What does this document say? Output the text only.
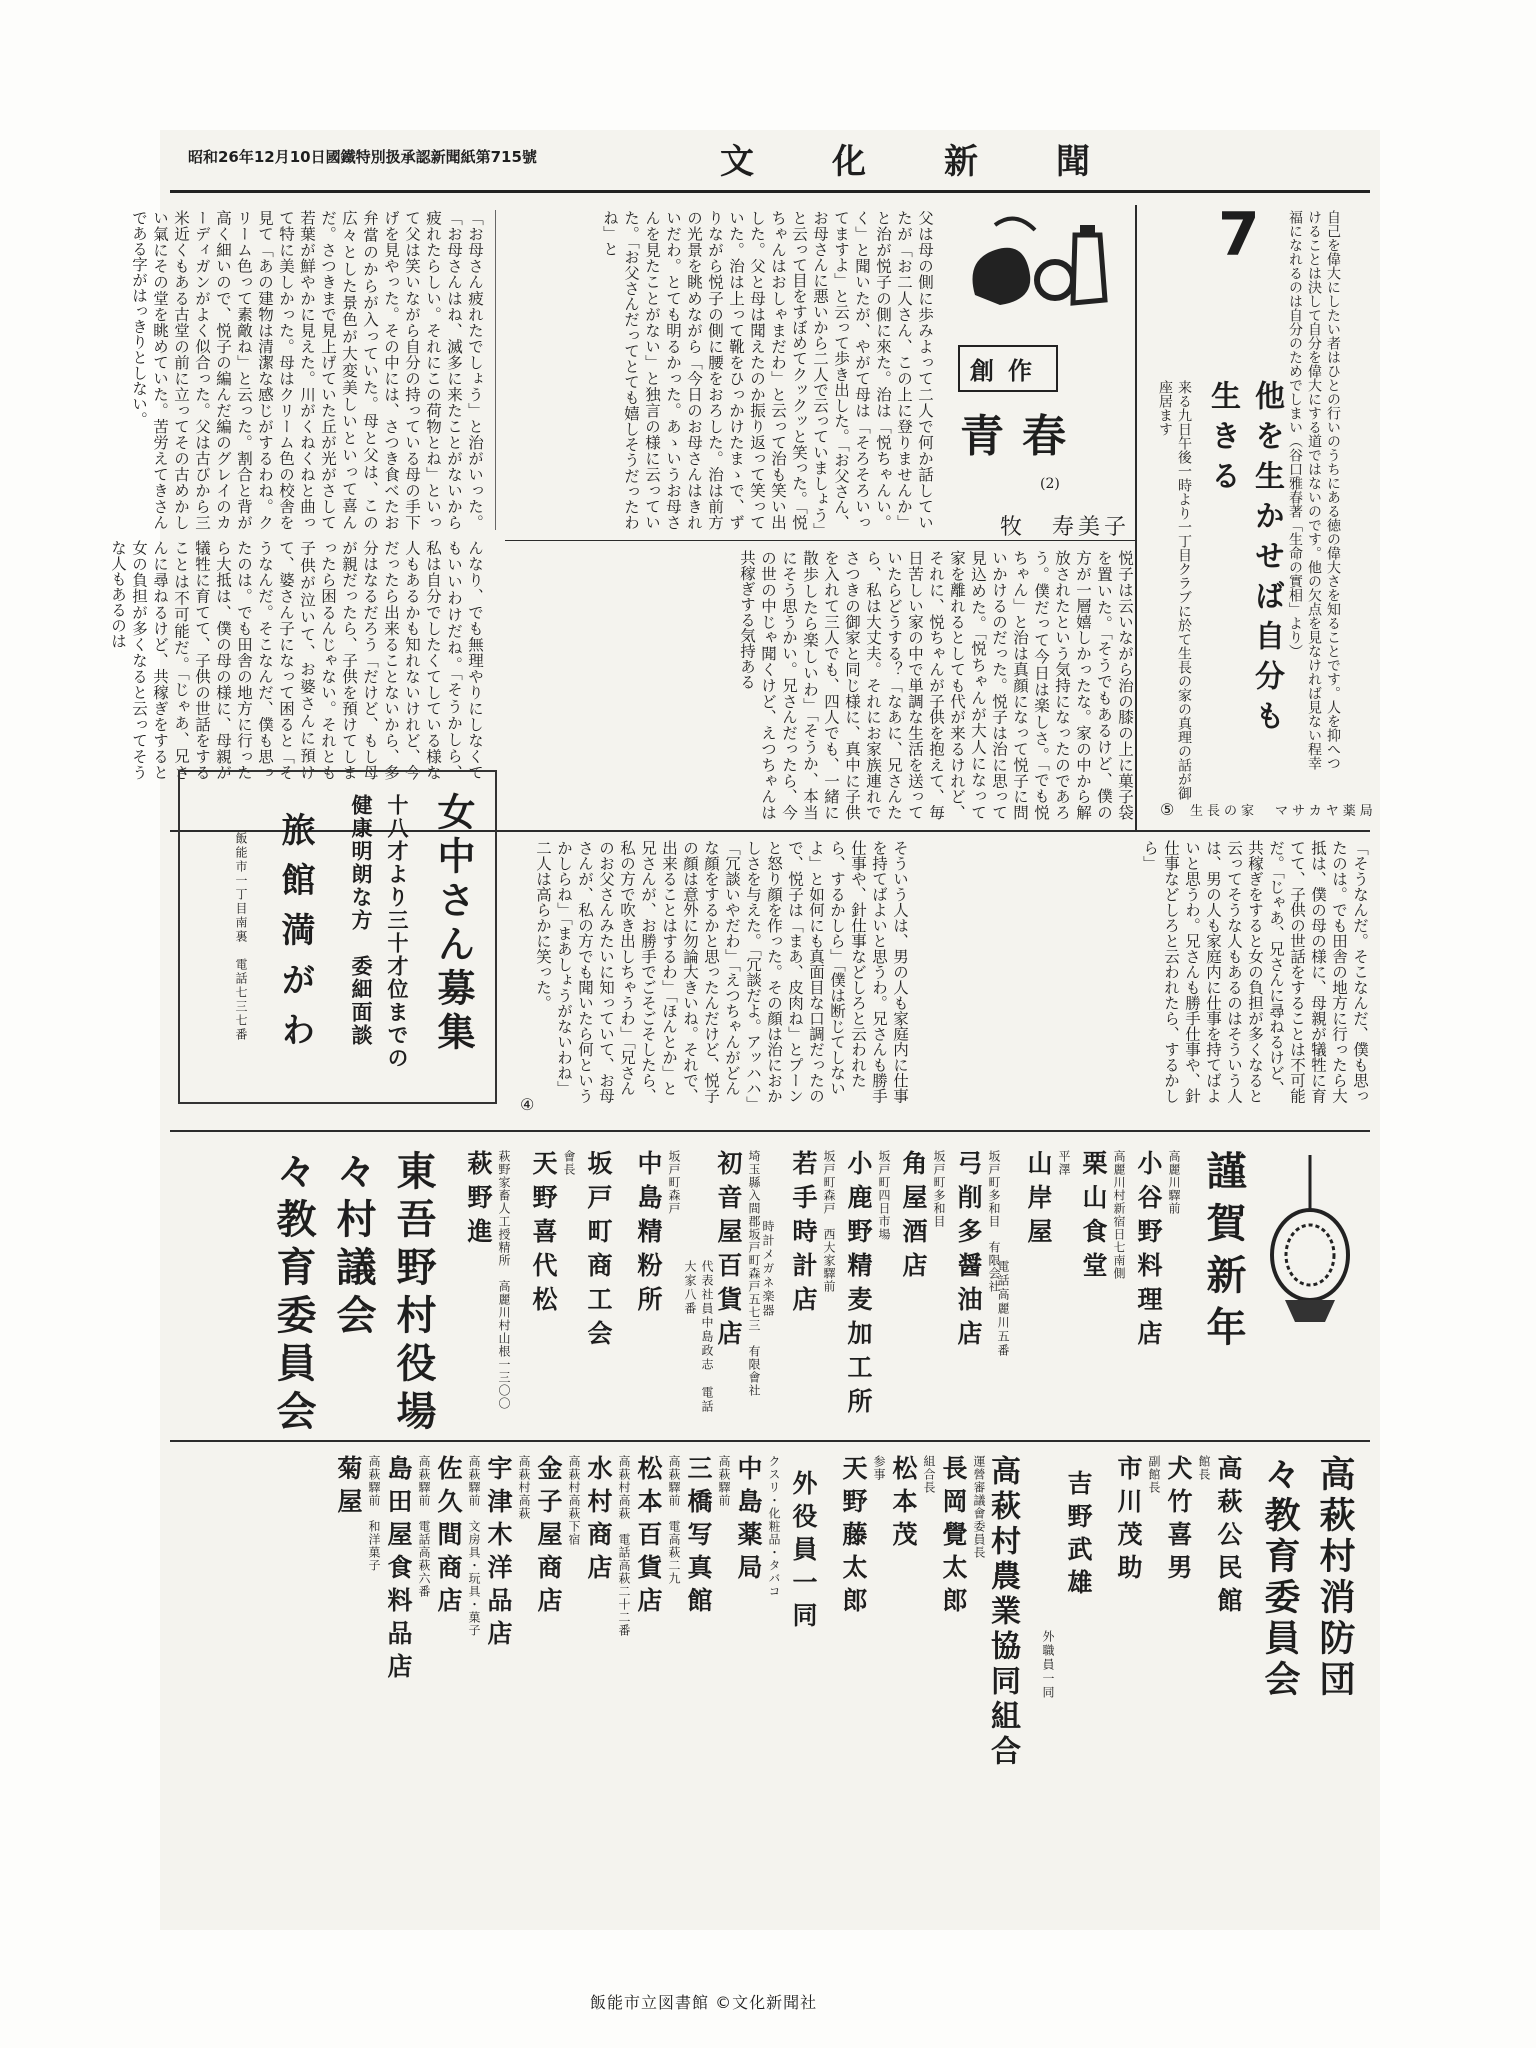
昭和26年12月10日國鐵特別扱承認新聞紙第715號	文化新聞
7	自己を偉大にしたい者はひとの行いのうちにある徳の偉大さを知ることです。人を抑へつけることは決して自分を偉大にする道ではないのです。他の欠点を見なければ見ない程幸福になれるのは自分のためでしまい（谷口雅春著「生命の實相」より）
他を生かせば自分も生きる
来る九日午後一時より一丁目クラブに於て生長の家の真理の話が御座居ます
⑤ 生長の家　マサカヤ薬局
創作
青春
(2)
牧　寿美子
「お母さん疲れたでしょう」と治がいった。「お母さんはね、滅多に来たことがないから疲れたらしい。それにこの荷物とね」といって父は笑いながら自分の持っている母の手下げを見やった。その中には、さつき食べたお弁當のからが入っていた。母と父は、この広々とした景色が大変美しいといって喜んだ。さつきまで見上げていた丘が光がさして若葉が鮮やかに見えた。川がくねくねと曲って特に美しかった。母はクリーム色の校舎を見て「あの建物は清潔な感じがするわね。クリーム色って素敵ね」と云った。割合と背が高く細いので、悦子の編んだ編のグレイのカーディガンがよく似合った。父は古びから三米近くもある古堂の前に立ってその古めかしい氣にその堂を眺めていた。苦労えてきさんである字がはっきりとしない。	父は母の側に歩みよって二人で何か話していたが「お二人さん、この上に登りませんか」と治が悦子の側に來た。治は「悦ちゃんい。く」と聞いたが、やがて母は「そろそろいってますよ」と云って歩き出した。「お父さん、お母さんに悪いから二人で云っていましょう」と云って目をすぼめてクックッと笑った。「悦ちゃんはおしゃまだわ」と云って治も笑い出した。父と母は聞えたのか振り返って笑っていた。治は上って靴をひっかけたまゝで、ずりながら悦子の側に腰をおろした。治は前方の光景を眺めながら「今日のお母さんはきれいだわ。とても明るかった。あゝいうお母さんを見たことがない」と独言の様に云っていた。「お父さんだってとても嬉しそうだったわね」と
悦子は云いながら治の膝の上に菓子袋を置いた。「そうでもあるけど、僕の方が一層嬉しかったな。家の中から解放されたという気持になったのであろう。僕だって今日は楽しさ。「でも悦ちゃん」と治は真顔になって悦子に問いかけるのだった。悦子は治に思って見込めた。「悦ちゃんが大人になって家を離れるとしても代が来るけれど、それに、悦ちゃんが子供を抱えて、毎日苦しい家の中で単調な生活を送っていたらどうする？「なあに、兄さんたら、私は大丈夫。それにお家族連れでさつきの御家と同じ様に、真中に子供を入れて三人でも、四人でも、一緒に散歩したら楽しいわ」「そうか、本当にそう思うかい。兄さんだったら、今の世の中じゃ聞くけど、えつちゃんは共稼ぎする気持ある
んなり、でも無理やりにしなくてもいいわけだね。「そうかしら、私は自分でしたくてしている様な人もあるかも知れないけれど、今だったら出来ることないから、多分はなるだろう「だけど、もし母が親だったら、子供を預けてしまったら困るんじゃない。それとも子供が泣いて、お婆さんに預けて、婆さん子になって困ると「そうなんだ。そこなんだ、僕も思ったのは。でも田舎の地方に行ったら大抵は、僕の母の様に、母親が犠牲に育てて、子供の世話をすることは不可能だ。「じゃあ、兄さんに尋ねるけど、共稼ぎをすると女の負担が多くなると云ってそうな人もあるのは
女中さん募集
十八才より三十才位までの健康明朗な方　委細面談
旅館満がわ
飯能市一丁目南裏　電話七三七番	そういう人は、男の人も家庭内に仕事を持てばよいと思うわ。兄さんも勝手仕事や、針仕事などしろと云われたら、するかしら」「僕は断じてしないよ」と如何にも真面目な口調だったので、悦子は「まあ、皮肉ね」とプーンと怒り顔を作った。その顔は治におかしさを与えた。「冗談だよ。アッハハ」「冗談いやだわ」「えつちゃんがどんな顔をするかと思ったんだけど、悦子の顔は意外に勿論大きいね。それで、出来ることはするわ」「ほんとか」と兄さんが、お勝手でごそごそしたら、私の方で吹き出しちゃうわ」「兄さんのお父さんみたいに知っていて、お母さんが、私の方でも聞いたら何というかしらね」「まあしょうがないわね」二人は高らかに笑った。
④
「そうなんだ。そこなんだ、僕も思ったのは。でも田舎の地方に行ったら大抵は、僕の母の様に、母親が犠牲に育てて、子供の世話をすることは不可能だ。「じゃあ、兄さんに尋ねるけど、共稼ぎをすると女の負担が多くなると云ってそうな人もあるのはそういう人は、男の人も家庭内に仕事を持てばよいと思うわ。兄さんも勝手仕事や、針仕事などしろと云われたら、するかしら」
謹賀新年
高麗川驛前
小谷野料理店
高麗川村新宿日七南側
栗山食堂
平澤
山岸屋
電話高麗川五番
坂戸町多和目　有限会社
弓削多醤油店
坂戸町多和目
角屋酒店
坂戸町四日市場
小鹿野精麦加工所
坂戸町森戸　西大家驛前
若手時計店
時計メガネ楽器
埼玉縣入間郡坂戸町森戸五七三　有限會社
初音屋百貨店
代表社員中島政志　電話大家八番
坂戸町森戸
中島精粉所
坂戸町商工会
會長
天野喜代松
萩野家畜人工授精所　高麗川村山根一三〇〇
萩野進
東吾野村役場
々村議会
々教育委員会
高萩村消防団
々教育委員会
高萩公民館
館長
犬竹喜男
副館長
市川茂助
吉野武雄
外職員一同
高萩村農業協同組合
運營審議會委員長
長岡覺太郎
組合長
松本茂
参事
天野藤太郎
外役員一同
クスリ・化粧品・タバコ
中島薬局
高萩驛前
三橋写真館
高萩驛前　電高萩二九
松本百貨店
高萩村高萩　電話高萩二十二番
水村商店
高萩村高萩下宿
金子屋商店
高萩村高萩
宇津木洋品店
高萩驛前　文房具・玩具・菓子
佐久間商店
高萩驛前　電話高萩六番
島田屋食料品店
高萩驛前　和洋菓子
菊屋
飯能市立図書館 ©文化新聞社
